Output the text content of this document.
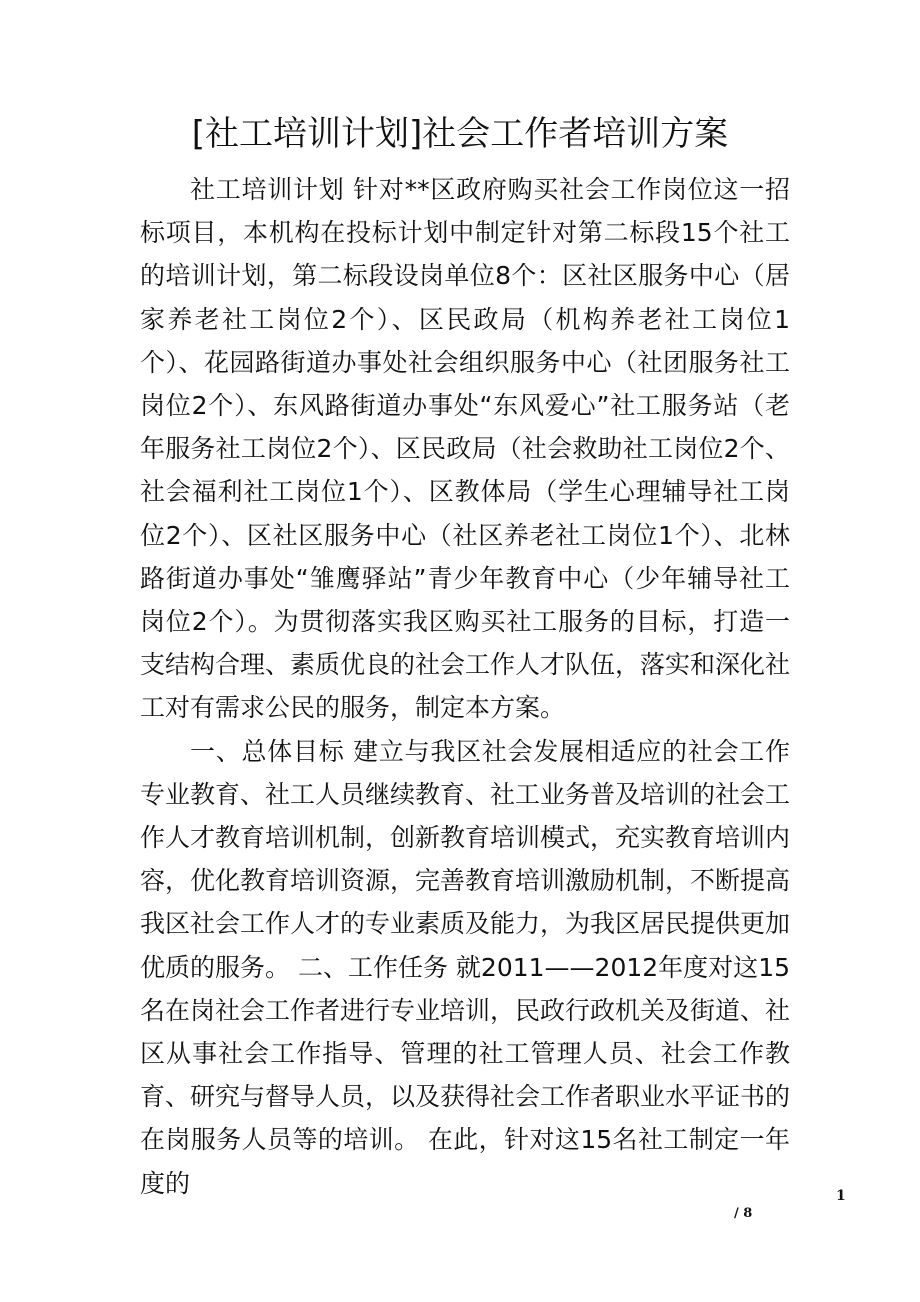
[社工培训计划]社会工作者培训方案

社工培训计划 针对**区政府购买社会工作岗位这一招标项目，本机构在投标计划中制定针对第二标段15个社工的培训计划，第二标段设岗单位8个：区社区服务中心（居家养老社工岗位2个）、区民政局（机构养老社工岗位1个）、花园路街道办事处社会组织服务中心（社团服务社工岗位2个）、东风路街道办事处“东风爱心”社工服务站（老年服务社工岗位2个）、区民政局（社会救助社工岗位2个、社会福利社工岗位1个）、区教体局（学生心理辅导社工岗位2个）、区社区服务中心（社区养老社工岗位1个）、北林路街道办事处“雏鹰驿站”青少年教育中心（少年辅导社工岗位2个）。为贯彻落实我区购买社工服务的目标，打造一支结构合理、素质优良的社会工作人才队伍，落实和深化社工对有需求公民的服务，制定本方案。

一、总体目标 建立与我区社会发展相适应的社会工作专业教育、社工人员继续教育、社工业务普及培训的社会工作人才教育培训机制，创新教育培训模式，充实教育培训内容，优化教育培训资源，完善教育培训激励机制，不断提高我区社会工作人才的专业素质及能力，为我区居民提供更加优质的服务。 二、工作任务 就2011——2012年度对这15名在岗社会工作者进行专业培训，民政行政机关及街道、社区从事社会工作指导、管理的社工管理人员、社会工作教育、研究与督导人员，以及获得社会工作者职业水平证书的在岗服务人员等的培训。 在此，针对这15名社工制定一年度的	1
/ 8
